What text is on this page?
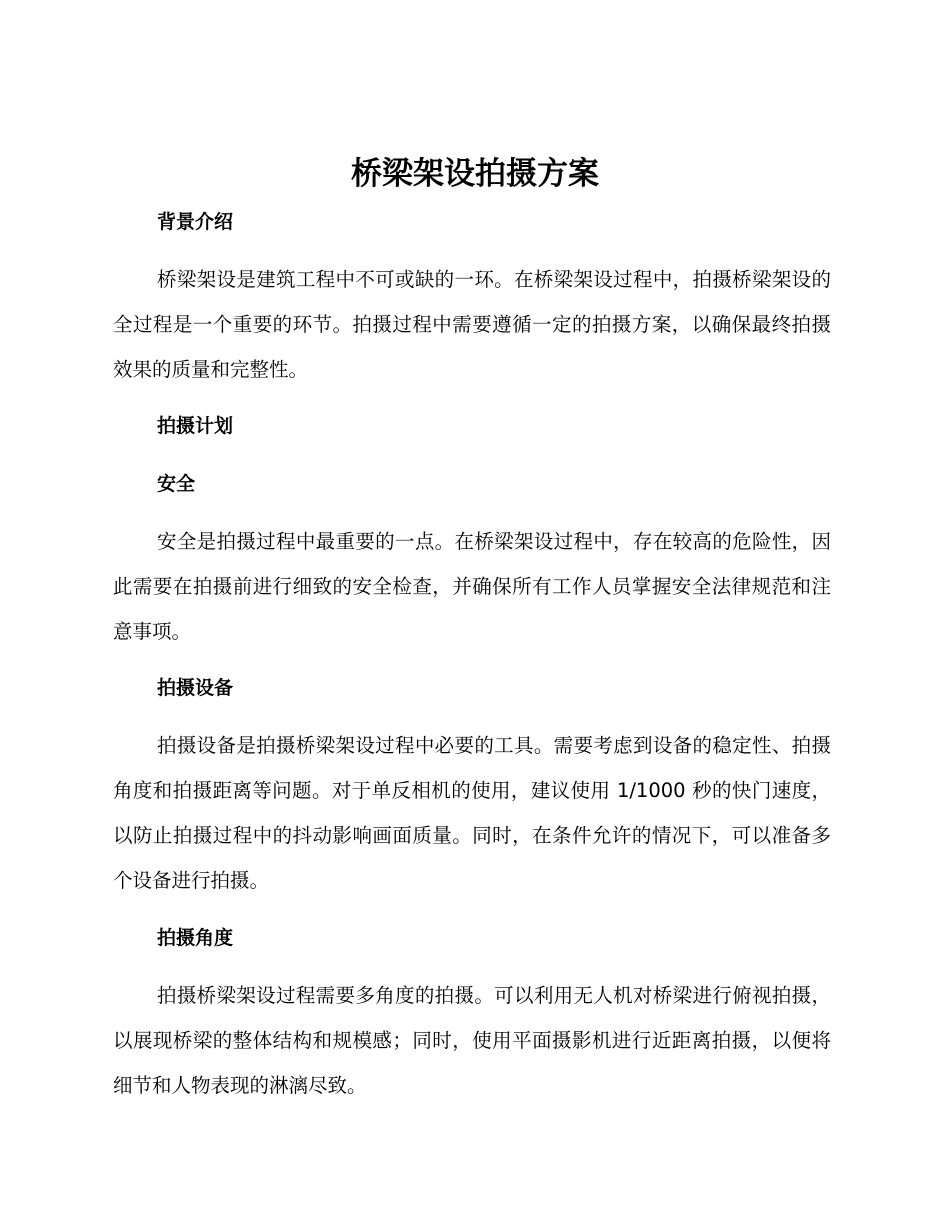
桥梁架设拍摄方案
背景介绍

桥梁架设是建筑工程中不可或缺的一环。在桥梁架设过程中，拍摄桥梁架设的全过程是一个重要的环节。拍摄过程中需要遵循一定的拍摄方案，以确保最终拍摄效果的质量和完整性。

拍摄计划
安全

安全是拍摄过程中最重要的一点。在桥梁架设过程中，存在较高的危险性，因此需要在拍摄前进行细致的安全检查，并确保所有工作人员掌握安全法律规范和注意事项。

拍摄设备

拍摄设备是拍摄桥梁架设过程中必要的工具。需要考虑到设备的稳定性、拍摄角度和拍摄距离等问题。对于单反相机的使用，建议使用 1/1000 秒的快门速度，以防止拍摄过程中的抖动影响画面质量。同时，在条件允许的情况下，可以准备多个设备进行拍摄。

拍摄角度

拍摄桥梁架设过程需要多角度的拍摄。可以利用无人机对桥梁进行俯视拍摄，以展现桥梁的整体结构和规模感；同时，使用平面摄影机进行近距离拍摄，以便将细节和人物表现的淋漓尽致。
